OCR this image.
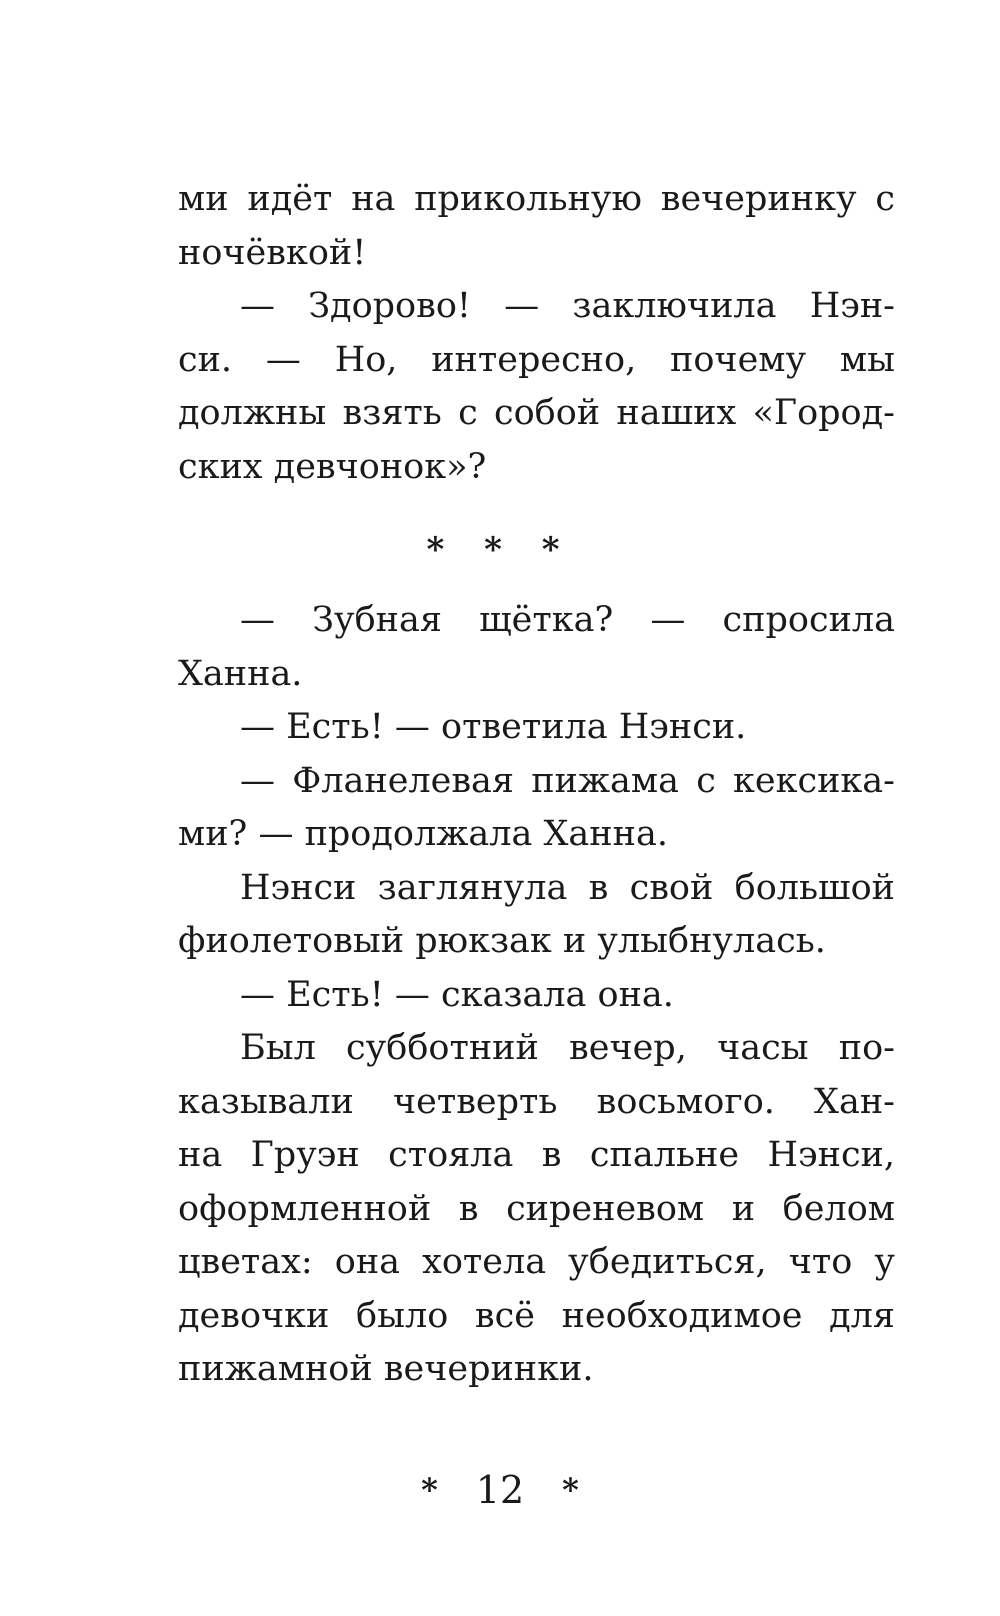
ми идёт на прикольную вечеринку с
ночёвкой!
— Здорово! — заключила Нэн-
си. — Но, интересно, почему мы
должны взять с собой наших «Город-
ских девчонок»?
* * *
— Зубная щётка? — спросила
Ханна.
— Есть! — ответила Нэнси.
— Фланелевая пижама с кексика-
ми? — продолжала Ханна.
Нэнси заглянула в свой большой
фиолетовый рюкзак и улыбнулась.
— Есть! — сказала она.
Был субботний вечер, часы по-
казывали четверть восьмого. Хан-
на Груэн стояла в спальне Нэнси,
оформленной в сиреневом и белом
цветах: она хотела убедиться, что у
девочки было всё необходимое для
пижамной вечеринки.
* 12 *
